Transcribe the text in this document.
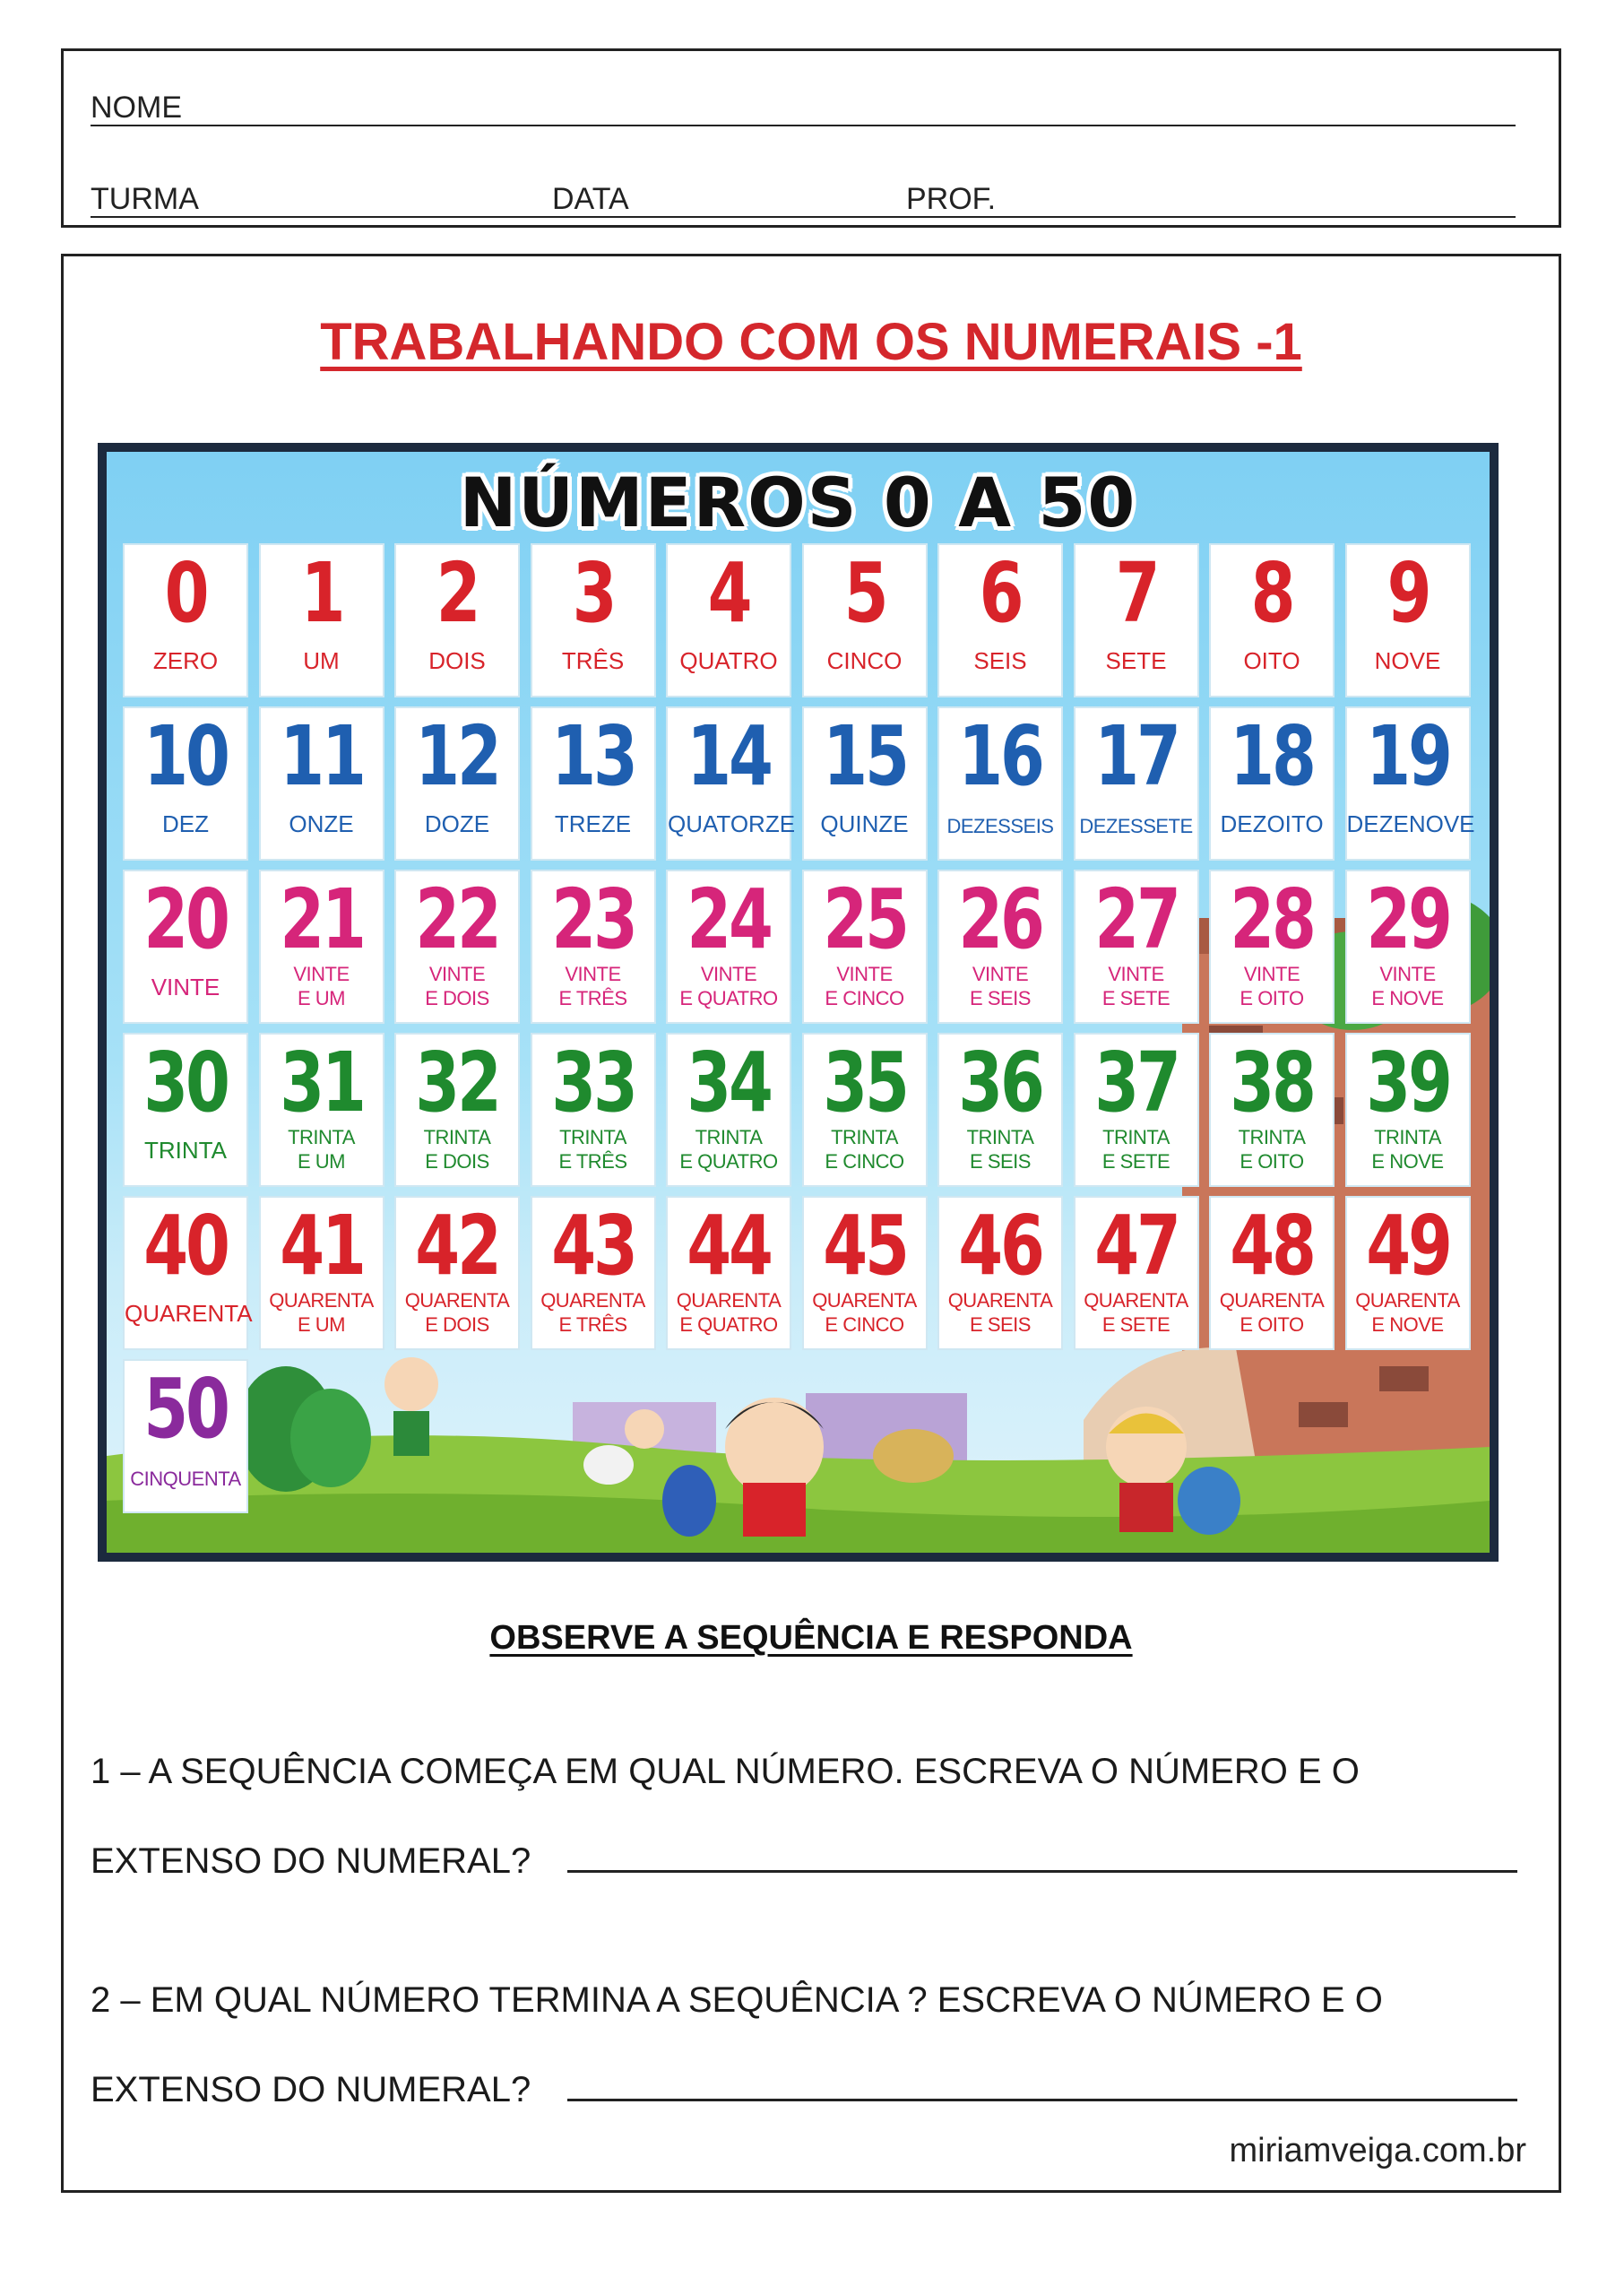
NOME
TURMA	DATA	PROF.
TRABALHANDO COM OS NUMERAIS -1
NÚMEROS 0 A 50
0
ZERO
1
UM
2
DOIS
3
TRÊS
4
QUATRO
5
CINCO
6
SEIS
7
SETE
8
OITO
9
NOVE
10
DEZ
11
ONZE
12
DOZE
13
TREZE
14
QUATORZE
15
QUINZE
16
DEZESSEIS
17
DEZESSETE
18
DEZOITO
19
DEZENOVE
20
VINTE
21
VINTE
E UM
22
VINTE
E DOIS
23
VINTE
E TRÊS
24
VINTE
E QUATRO
25
VINTE
E CINCO
26
VINTE
E SEIS
27
VINTE
E SETE
28
VINTE
E OITO
29
VINTE
E NOVE
30
TRINTA
31
TRINTA
E UM
32
TRINTA
E DOIS
33
TRINTA
E TRÊS
34
TRINTA
E QUATRO
35
TRINTA
E CINCO
36
TRINTA
E SEIS
37
TRINTA
E SETE
38
TRINTA
E OITO
39
TRINTA
E NOVE
40
QUARENTA
41
QUARENTA
E UM
42
QUARENTA
E DOIS
43
QUARENTA
E TRÊS
44
QUARENTA
E QUATRO
45
QUARENTA
E CINCO
46
QUARENTA
E SEIS
47
QUARENTA
E SETE
48
QUARENTA
E OITO
49
QUARENTA
E NOVE
50
CINQUENTA
OBSERVE A SEQUÊNCIA E RESPONDA
1 – A SEQUÊNCIA COMEÇA EM QUAL NÚMERO. ESCREVA O NÚMERO E O
EXTENSO DO NUMERAL?
2 – EM QUAL NÚMERO TERMINA A SEQUÊNCIA ? ESCREVA O NÚMERO E O
EXTENSO DO NUMERAL?
miriamveiga.com.br
